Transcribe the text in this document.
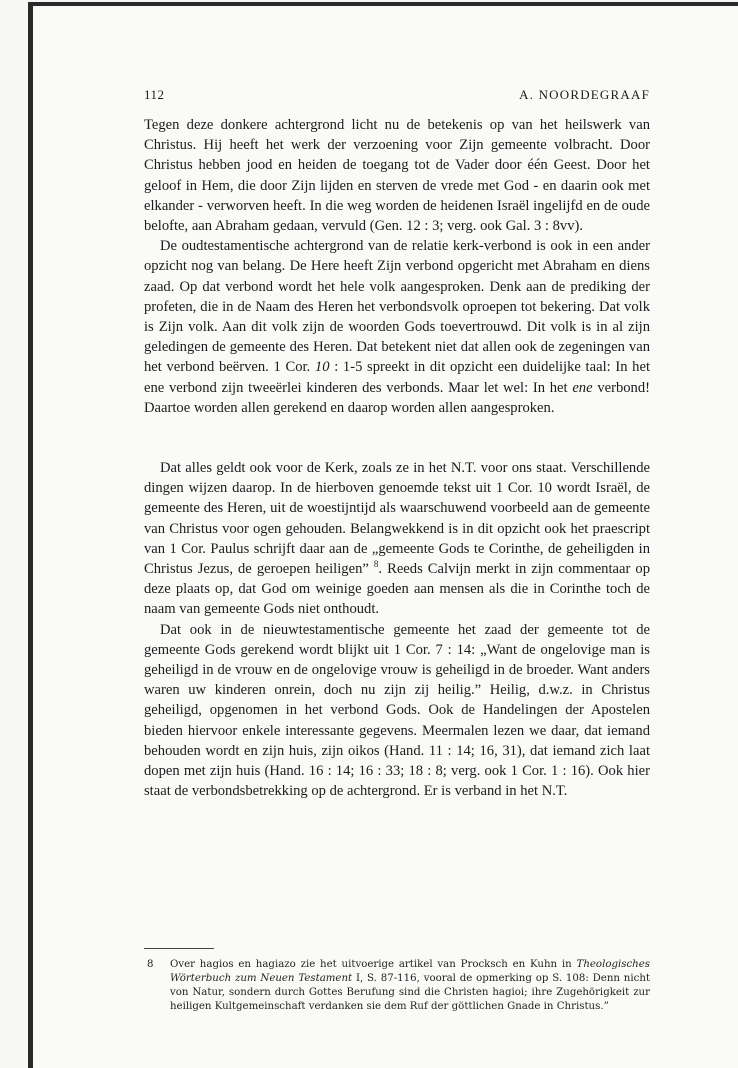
112	A. NOORDEGRAAF

Tegen deze donkere achtergrond licht nu de betekenis op van het heilswerk van Christus. Hij heeft het werk der verzoening voor Zijn gemeente volbracht. Door Christus hebben jood en heiden de toegang tot de Vader door één Geest. Door het geloof in Hem, die door Zijn lijden en sterven de vrede met God - en daarin ook met elkander - verworven heeft. In die weg worden de heidenen Israël ingelijfd en de oude belofte, aan Abraham gedaan, vervuld (Gen. 12 : 3; verg. ook Gal. 3 : 8vv).

De oudtestamentische achtergrond van de relatie kerk-verbond is ook in een ander opzicht nog van belang. De Here heeft Zijn verbond opgericht met Abraham en diens zaad. Op dat verbond wordt het hele volk aangesproken. Denk aan de prediking der profeten, die in de Naam des Heren het verbondsvolk oproepen tot bekering. Dat volk is Zijn volk. Aan dit volk zijn de woorden Gods toevertrouwd. Dit volk is in al zijn geledingen de gemeente des Heren. Dat betekent niet dat allen ook de zegeningen van het verbond beërven. 1 Cor. 10 : 1-5 spreekt in dit opzicht een duidelijke taal: In het ene verbond zijn tweeërlei kinderen des verbonds. Maar let wel: In het ene verbond! Daartoe worden allen gerekend en daarop worden allen aangesproken.

Dat alles geldt ook voor de Kerk, zoals ze in het N.T. voor ons staat. Verschillende dingen wijzen daarop. In de hierboven genoemde tekst uit 1 Cor. 10 wordt Israël, de gemeente des Heren, uit de woestijntijd als waarschuwend voorbeeld aan de gemeente van Christus voor ogen gehouden. Belangwekkend is in dit opzicht ook het praescript van 1 Cor. Paulus schrijft daar aan de „gemeente Gods te Corinthe, de geheiligden in Christus Jezus, de geroepen heiligen” $^8$. Reeds Calvijn merkt in zijn commentaar op deze plaats op, dat God om weinige goeden aan mensen als die in Corinthe toch de naam van gemeente Gods niet onthoudt.

Dat ook in de nieuwtestamentische gemeente het zaad der gemeente tot de gemeente Gods gerekend wordt blijkt uit 1 Cor. 7 : 14: „Want de ongelovige man is geheiligd in de vrouw en de ongelovige vrouw is geheiligd in de broeder. Want anders waren uw kinderen onrein, doch nu zijn zij heilig.” Heilig, d.w.z. in Christus geheiligd, opgenomen in het verbond Gods. Ook de Handelingen der Apostelen bieden hiervoor enkele interessante gegevens. Meermalen lezen we daar, dat iemand behouden wordt en zijn huis, zijn oikos (Hand. 11 : 14; 16, 31), dat iemand zich laat dopen met zijn huis (Hand. 16 : 14; 16 : 33; 18 : 8; verg. ook 1 Cor. 1 : 16). Ook hier staat de verbondsbetrekking op de achtergrond. Er is verband in het N.T.

8 Over hagios en hagiazo zie het uitvoerige artikel van Procksch en Kuhn in Theologisches Wörterbuch zum Neuen Testament I, S. 87-116, vooral de opmerking op S. 108: Denn nicht von Natur, sondern durch Gottes Berufung sind die Christen hagioi; ihre Zugehörigkeit zur heiligen Kultgemeinschaft verdanken sie dem Ruf der göttlichen Gnade in Christus.”
